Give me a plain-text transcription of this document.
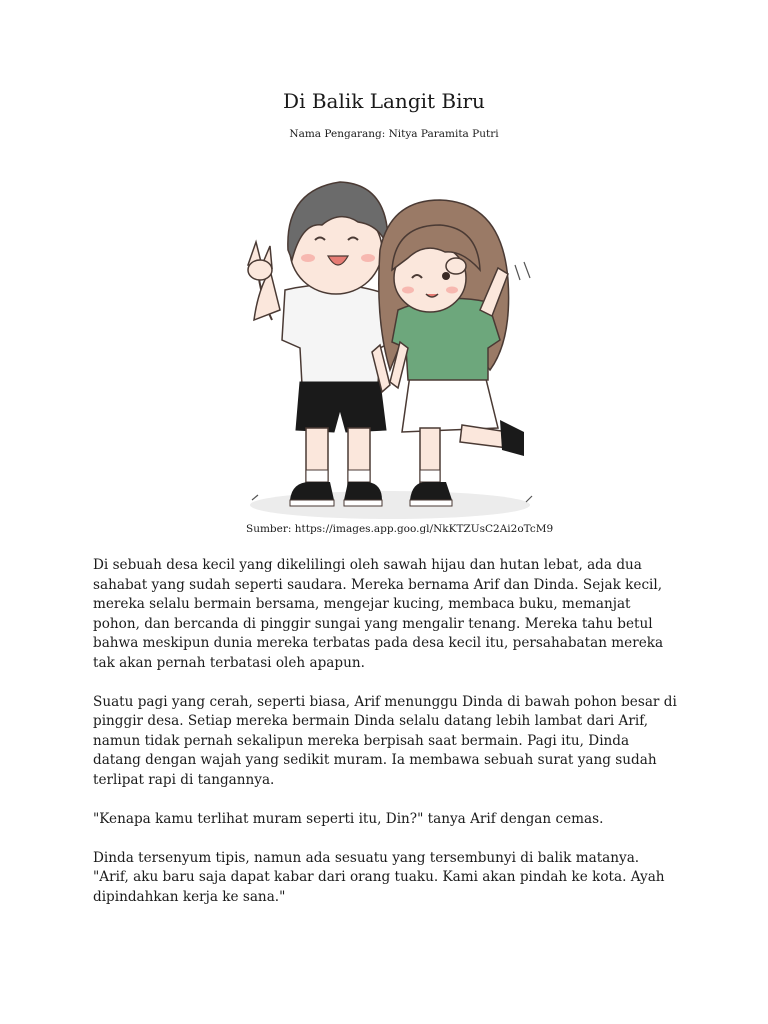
Di Balik Langit Biru
Nama Pengarang: Nitya Paramita Putri
Sumber: https://images.app.goo.gl/NkKTZUsC2Ai2oTcM9

Di sebuah desa kecil yang dikelilingi oleh sawah hijau dan hutan lebat, ada dua sahabat yang sudah seperti saudara. Mereka bernama Arif dan Dinda. Sejak kecil, mereka selalu bermain bersama, mengejar kucing, membaca buku, memanjat pohon, dan bercanda di pinggir sungai yang mengalir tenang. Mereka tahu betul bahwa meskipun dunia mereka terbatas pada desa kecil itu, persahabatan mereka tak akan pernah terbatasi oleh apapun.

Suatu pagi yang cerah, seperti biasa, Arif menunggu Dinda di bawah pohon besar di pinggir desa. Setiap mereka bermain Dinda selalu datang lebih lambat dari Arif, namun tidak pernah sekalipun mereka berpisah saat bermain. Pagi itu, Dinda datang dengan wajah yang sedikit muram. Ia membawa sebuah surat yang sudah terlipat rapi di tangannya.

"Kenapa kamu terlihat muram seperti itu, Din?" tanya Arif dengan cemas.

Dinda tersenyum tipis, namun ada sesuatu yang tersembunyi di balik matanya. "Arif, aku baru saja dapat kabar dari orang tuaku. Kami akan pindah ke kota. Ayah dipindahkan kerja ke sana."
